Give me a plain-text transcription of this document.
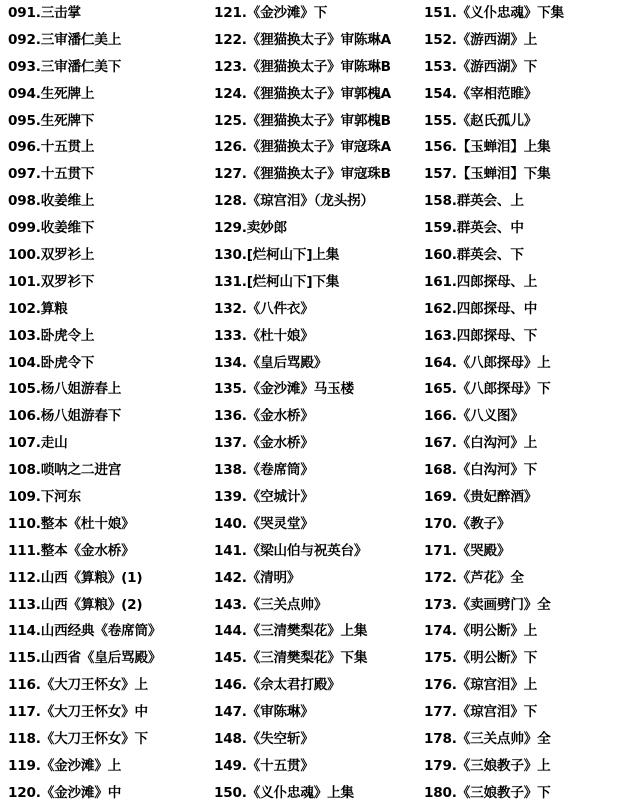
091.三击掌
092.三审潘仁美上
093.三审潘仁美下
094.生死牌上
095.生死牌下
096.十五贯上
097.十五贯下
098.收姜维上
099.收姜维下
100.双罗衫上
101.双罗衫下
102.算粮
103.卧虎令上
104.卧虎令下
105.杨八姐游春上
106.杨八姐游春下
107.走山
108.唢呐之二进宫
109.下河东
110.整本《杜十娘》
111.整本《金水桥》
112.山西《算粮》(1)
113.山西《算粮》(2)
114.山西经典《卷席筒》
115.山西省《皇后骂殿》
116.《大刀王怀女》上
117.《大刀王怀女》中
118.《大刀王怀女》下
119.《金沙滩》上
120.《金沙滩》中
121.《金沙滩》下
122.《狸猫换太子》审陈琳A
123.《狸猫换太子》审陈琳B
124.《狸猫换太子》审郭槐A
125.《狸猫换太子》审郭槐B
126.《狸猫换太子》审寇珠A
127.《狸猫换太子》审寇珠B
128.《琼宫泪》（龙头拐）
129.卖妙郎
130.[烂柯山下]上集
131.[烂柯山下]下集
132.《八件衣》
133.《杜十娘》
134.《皇后骂殿》
135.《金沙滩》马玉楼
136.《金水桥》
137.《金水桥》
138.《卷席筒》
139.《空城计》
140.《哭灵堂》
141.《梁山伯与祝英台》
142.《清明》
143.《三关点帅》
144.《三清樊梨花》上集
145.《三清樊梨花》下集
146.《佘太君打殿》
147.《审陈琳》
148.《失空斩》
149.《十五贯》
150.《义仆忠魂》上集
151.《义仆忠魂》下集
152.《游西湖》上
153.《游西湖》下
154.《宰相范睢》
155.《赵氏孤儿》
156.【玉蝉泪】上集
157.【玉蝉泪】下集
158.群英会、上
159.群英会、中
160.群英会、下
161.四郎探母、上
162.四郎探母、中
163.四郎探母、下
164.《八郎探母》上
165.《八郎探母》下
166.《八义图》
167.《白沟河》上
168.《白沟河》下
169.《贵妃醉酒》
170.《教子》
171.《哭殿》
172.《芦花》全
173.《卖画劈门》全
174.《明公断》上
175.《明公断》下
176.《琼宫泪》上
177.《琼宫泪》下
178.《三关点帅》全
179.《三娘教子》上
180.《三娘教子》下
